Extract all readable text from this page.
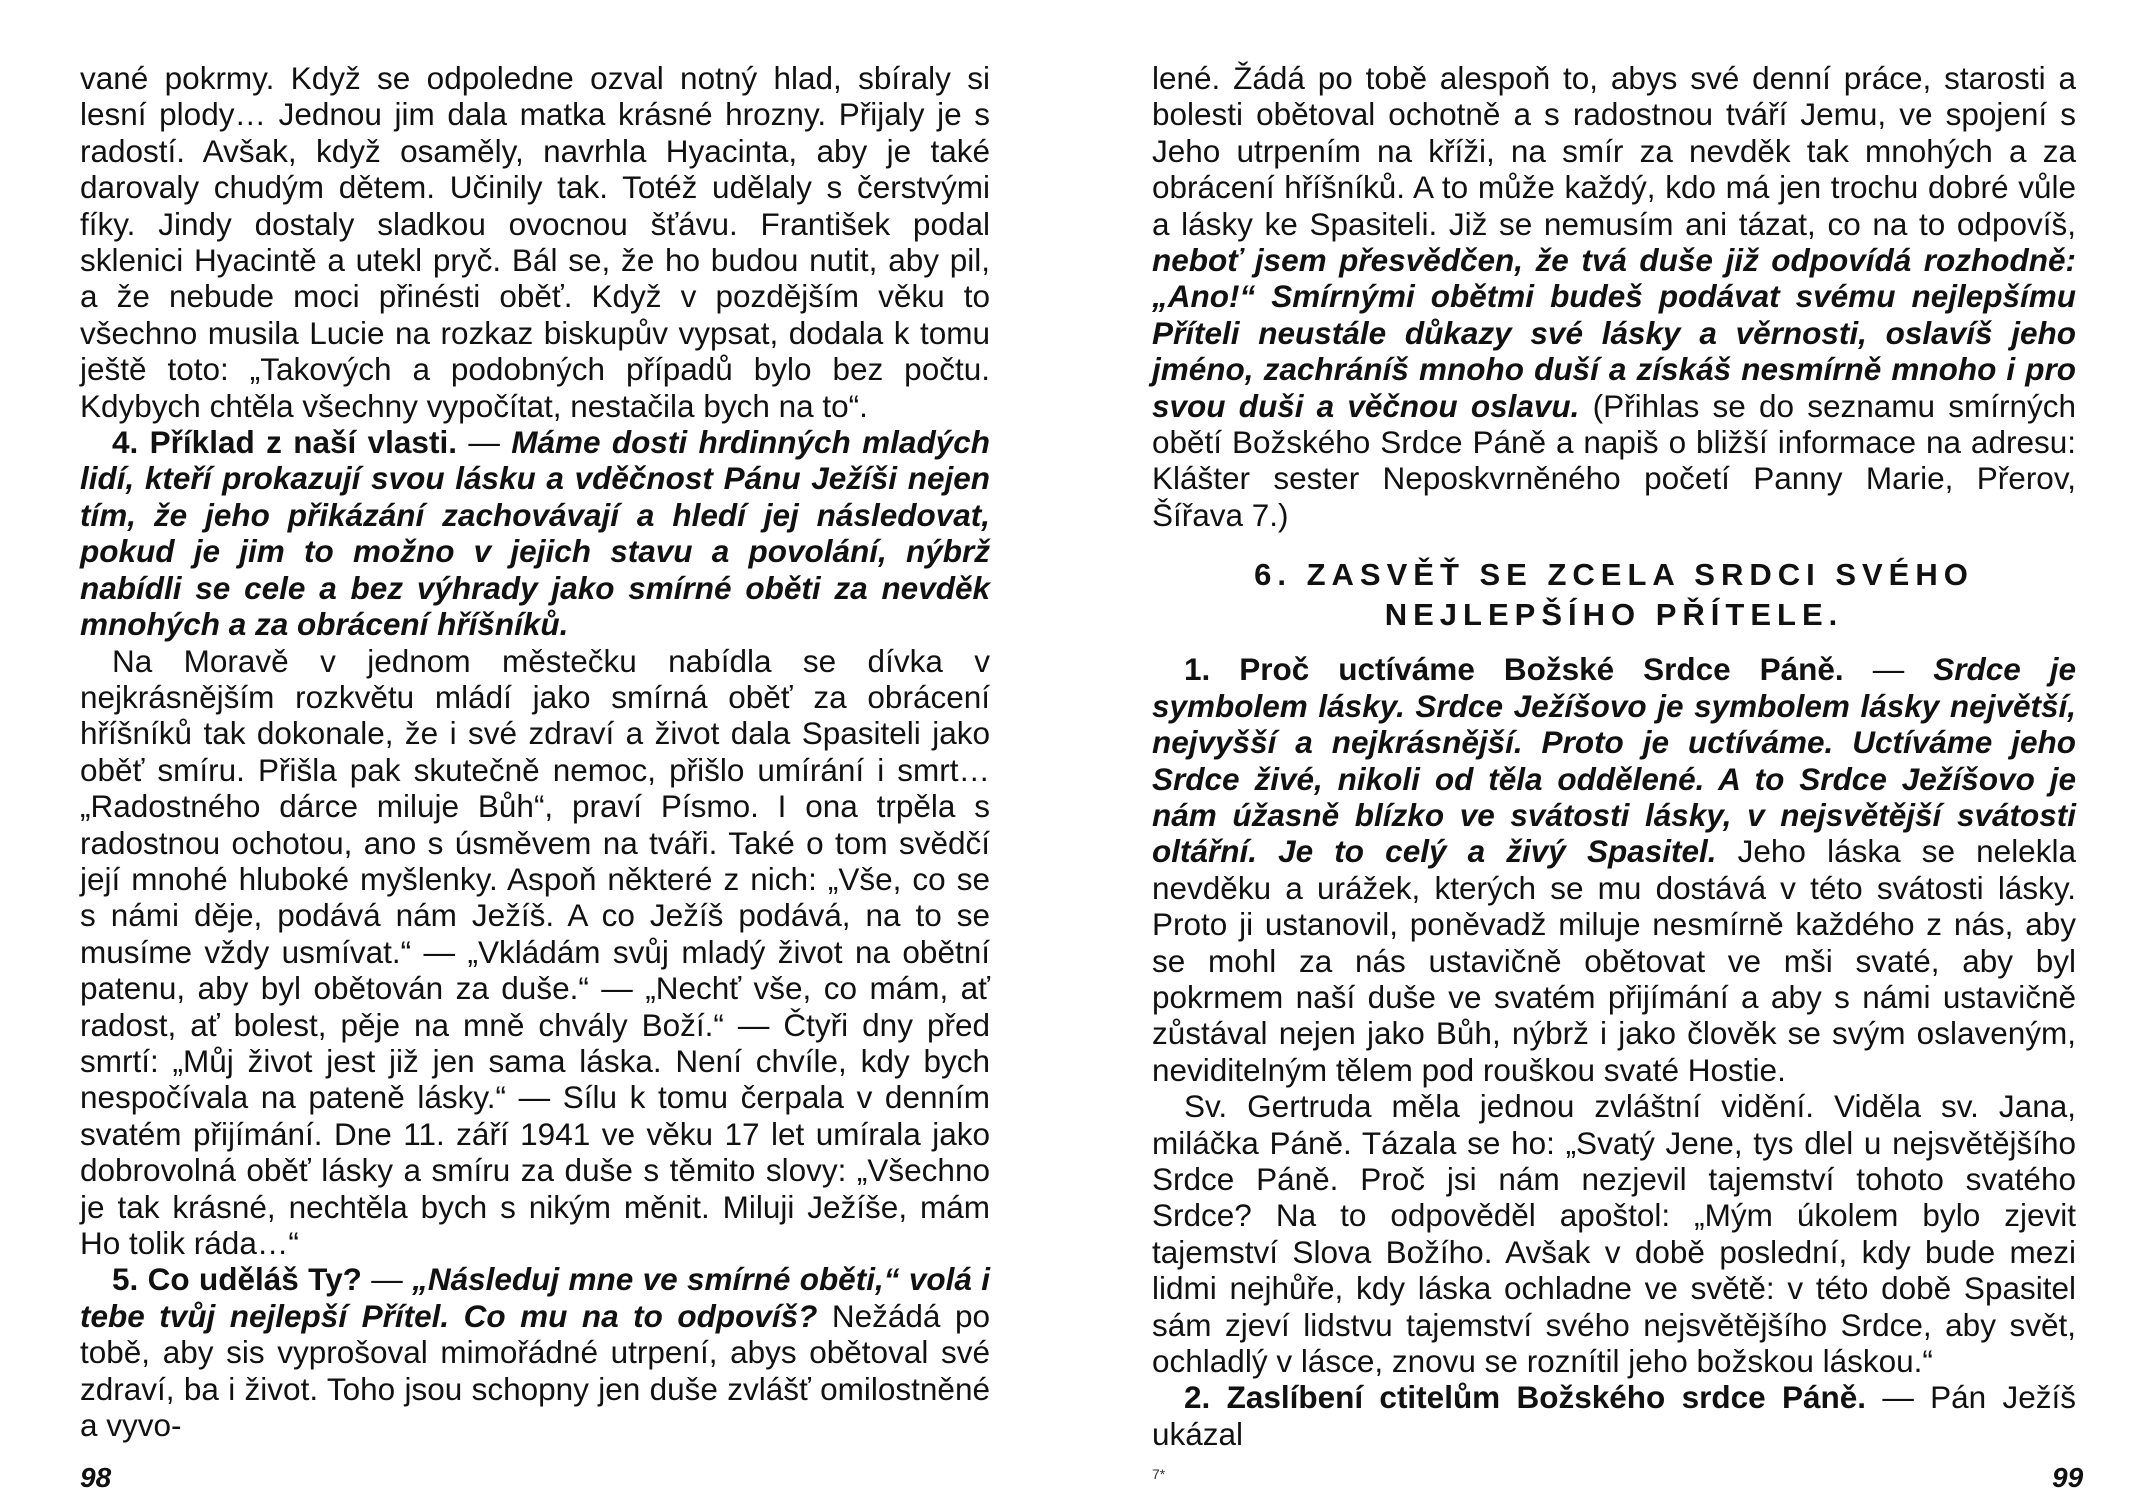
vané pokrmy. Když se odpoledne ozval notný hlad, sbíraly si lesní plody… Jednou jim dala matka krásné hrozny. Přijaly je s radostí. Avšak, když osaměly, navrhla Hyacinta, aby je také darovaly chudým dětem. Učinily tak. Totéž udělaly s čerstvými fíky. Jindy dostaly sladkou ovocnou šťávu. František podal sklenici Hyacintě a utekl pryč. Bál se, že ho budou nutit, aby pil, a že nebude moci přinésti oběť. Když v pozdějším věku to všechno musila Lucie na rozkaz biskupův vypsat, dodala k tomu ještě toto: „Takových a podobných případů bylo bez počtu. Kdybych chtěla všechny vypočítat, nestačila bych na to“.

4. Příklad z naší vlasti. — Máme dosti hrdinných mladých lidí, kteří prokazují svou lásku a vděčnost Pánu Ježíši nejen tím, že jeho přikázání zachovávají a hledí jej následovat, pokud je jim to možno v jejich stavu a povolání, nýbrž nabídli se cele a bez výhrady jako smírné oběti za nevděk mnohých a za obrácení hříšníků.

Na Moravě v jednom městečku nabídla se dívka v nejkrásnějším rozkvětu mládí jako smírná oběť za obrácení hříšníků tak dokonale, že i své zdraví a život dala Spasiteli jako oběť smíru. Přišla pak skutečně nemoc, přišlo umírání i smrt… „Radostného dárce miluje Bůh“, praví Písmo. I ona trpěla s radostnou ochotou, ano s úsměvem na tváři. Také o tom svědčí její mnohé hluboké myšlenky. Aspoň některé z nich: „Vše, co se s námi děje, podává nám Ježíš. A co Ježíš podává, na to se musíme vždy usmívat.“ — „Vkládám svůj mladý život na obětní patenu, aby byl obětován za duše.“ — „Nechť vše, co mám, ať radost, ať bolest, pěje na mně chvály Boží.“ — Čtyři dny před smrtí: „Můj život jest již jen sama láska. Není chvíle, kdy bych nespočívala na pateně lásky.“ — Sílu k tomu čerpala v denním svatém přijímání. Dne 11. září 1941 ve věku 17 let umírala jako dobrovolná oběť lásky a smíru za duše s těmito slovy: „Všechno je tak krásné, nechtěla bych s nikým měnit. Miluji Ježíše, mám Ho tolik ráda…“

5. Co uděláš Ty? — „Následuj mne ve smírné oběti,“ volá i tebe tvůj nejlepší Přítel. Co mu na to odpovíš? Nežádá po tobě, aby sis vyprošoval mimořádné utrpení, abys obětoval své zdraví, ba i život. Toho jsou schopny jen duše zvlášť omilostněné a vyvo-

lené. Žádá po tobě alespoň to, abys své denní práce, starosti a bolesti obětoval ochotně a s radostnou tváří Jemu, ve spojení s Jeho utrpením na kříži, na smír za nevděk tak mnohých a za obrácení hříšníků. A to může každý, kdo má jen trochu dobré vůle a lásky ke Spasiteli. Již se nemusím ani tázat, co na to odpovíš, neboť jsem přesvědčen, že tvá duše již odpovídá rozhodně: „Ano!“ Smírnými obětmi budeš podávat svému nejlepšímu Příteli neustále důkazy své lásky a věrnosti, oslavíš jeho jméno, zachráníš mnoho duší a získáš nesmírně mnoho i pro svou duši a věčnou oslavu. (Přihlas se do seznamu smírných obětí Božského Srdce Páně a napiš o bližší informace na adresu: Klášter sester Neposkvrněného početí Panny Marie, Přerov, Šířava 7.)

6. ZASVĚŤ SE ZCELA SRDCI SVÉHO
NEJLEPŠÍHO PŘÍTELE.

1. Proč uctíváme Božské Srdce Páně. — Srdce je symbolem lásky. Srdce Ježíšovo je symbolem lásky největší, nejvyšší a nejkrásnější. Proto je uctíváme. Uctíváme jeho Srdce živé, nikoli od těla oddělené. A to Srdce Ježíšovo je nám úžasně blízko ve svátosti lásky, v nejsvětější svátosti oltářní. Je to celý a živý Spasitel. Jeho láska se nelekla nevděku a urážek, kterých se mu dostává v této svátosti lásky. Proto ji ustanovil, poněvadž miluje nesmírně každého z nás, aby se mohl za nás ustavičně obětovat ve mši svaté, aby byl pokrmem naší duše ve svatém přijímání a aby s námi ustavičně zůstával nejen jako Bůh, nýbrž i jako člověk se svým oslaveným, neviditelným tělem pod rouškou svaté Hostie.

Sv. Gertruda měla jednou zvláštní vidění. Viděla sv. Jana, miláčka Páně. Tázala se ho: „Svatý Jene, tys dlel u nejsvětějšího Srdce Páně. Proč jsi nám nezjevil tajemství tohoto svatého Srdce? Na to odpověděl apoštol: „Mým úkolem bylo zjevit tajemství Slova Božího. Avšak v době poslední, kdy bude mezi lidmi nejhůře, kdy láska ochladne ve světě: v této době Spasitel sám zjeví lidstvu tajemství svého nejsvětějšího Srdce, aby svět, ochladlý v lásce, znovu se roznítil jeho božskou láskou.“

2. Zaslíbení ctitelům Božského srdce Páně. — Pán Ježíš ukázal

98	7*	99
